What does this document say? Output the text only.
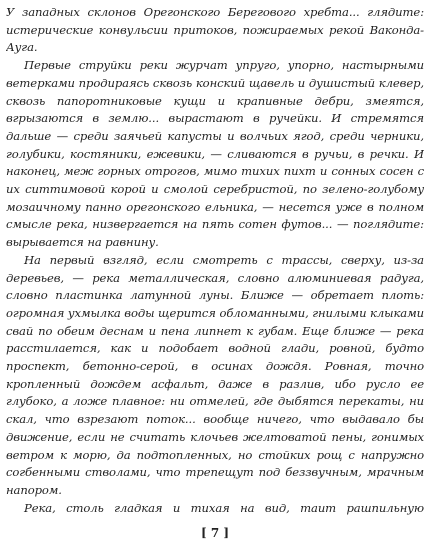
У западных склонов Орегонского Берегового хребта... глядите: истерические конвульсии притоков, пожираемых рекой Ваконда-Ауга.

Первые струйки реки журчат упруго, упорно, настырными ветерками продираясь сквозь конский щавель и душистый клевер, сквозь папоротниковые кущи и крапивные дебри, змеятся, вгрызаются в землю... вырастают в ручейки. И стремятся дальше — среди заячьей капусты и волчьих ягод, среди черники, голубики, костяники, ежевики, — сливаются в ручьи, в речки. И наконец, меж горных отрогов, мимо тихих пихт и сонных сосен с их ситтимовой корой и смолой серебристой, по зелено-голубому мозаичному панно орегонского ельника, — несется уже в полном смысле река, низвергается на пять сотен футов... — поглядите: вырывается на равнину.

На первый взгляд, если смотреть с трассы, сверху, из-за деревьев, — река металлическая, словно алюминиевая радуга, словно пластинка латунной луны. Ближе — обретает плоть: огромная ухмылка воды щерится обломанными, гнилыми клыками свай по обеим деснам и пена липнет к губам. Еще ближе — река расстилается, как и подобает водной глади, ровной, будто проспект, бетонно-серой, в осинах дождя. Ровная, точно кропленный дождем асфальт, даже в разлив, ибо русло ее глубоко, а ложе плавное: ни отмелей, где дыбятся перекаты, ни скал, что взрезают поток... вообще ничего, что выдавало бы движение, если не считать клочьев желтоватой пены, гонимых ветром к морю, да подтопленных, но стойких рощ с напружно согбенными стволами, что трепещут под беззвучным, мрачным напором.

Река, столь гладкая и тихая на вид, таит рашпильную

[ 7 ]
